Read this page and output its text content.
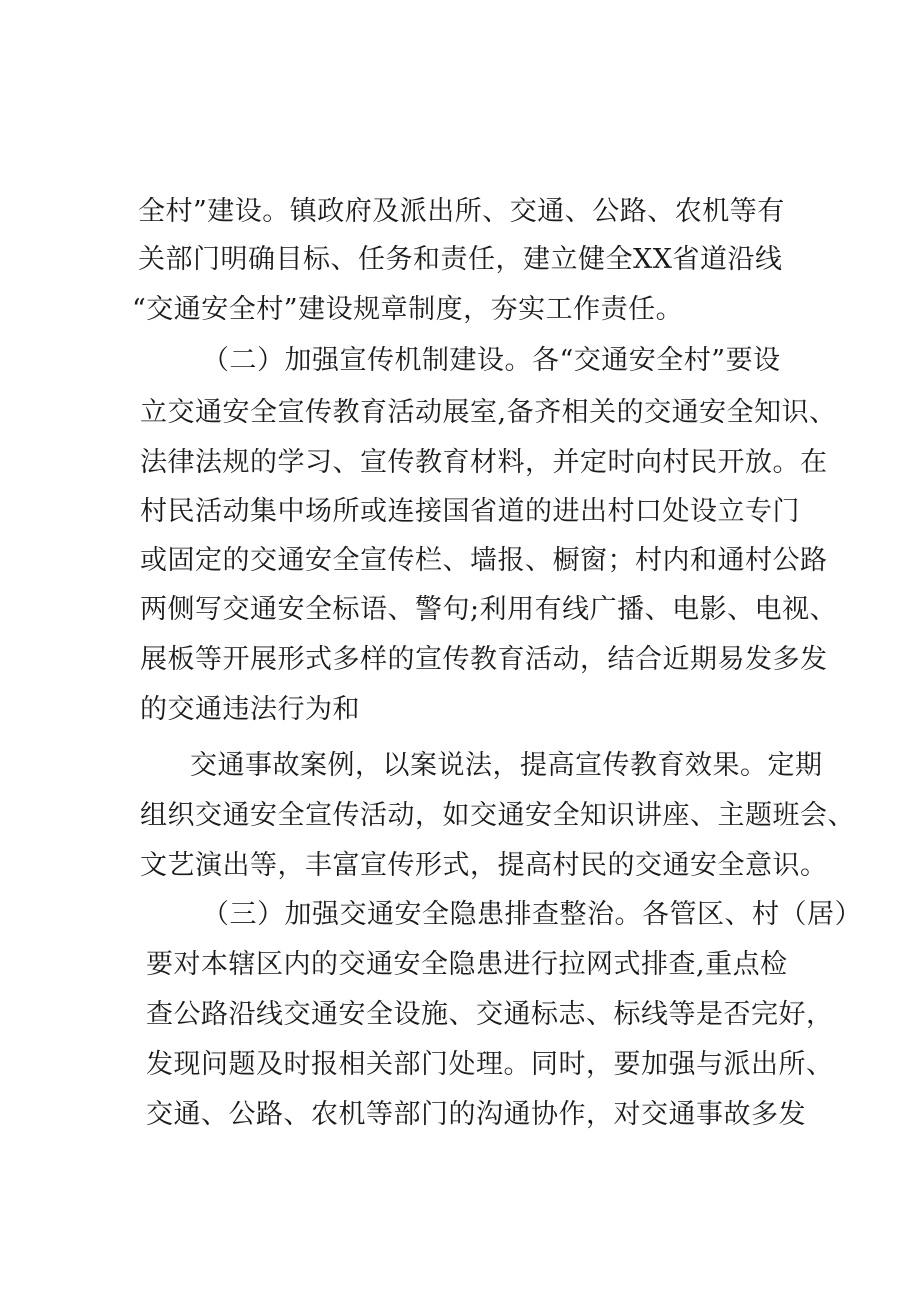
全村”建设。镇政府及派出所、交通、公路、农机等有
关部门明确目标、任务和责任，建立健全XX省道沿线
“交通安全村”建设规章制度，夯实工作责任。
（二）加强宣传机制建设。各“交通安全村”要设
立交通安全宣传教育活动展室,备齐相关的交通安全知识、
法律法规的学习、宣传教育材料，并定时向村民开放。在
村民活动集中场所或连接国省道的进出村口处设立专门
或固定的交通安全宣传栏、墙报、橱窗；村内和通村公路
两侧写交通安全标语、警句;利用有线广播、电影、电视、
展板等开展形式多样的宣传教育活动，结合近期易发多发
的交通违法行为和
交通事故案例，以案说法，提高宣传教育效果。定期
组织交通安全宣传活动，如交通安全知识讲座、主题班会、
文艺演出等，丰富宣传形式，提高村民的交通安全意识。
（三）加强交通安全隐患排查整治。各管区、村（居）
要对本辖区内的交通安全隐患进行拉网式排查,重点检
查公路沿线交通安全设施、交通标志、标线等是否完好，
发现问题及时报相关部门处理。同时，要加强与派出所、
交通、公路、农机等部门的沟通协作，对交通事故多发
